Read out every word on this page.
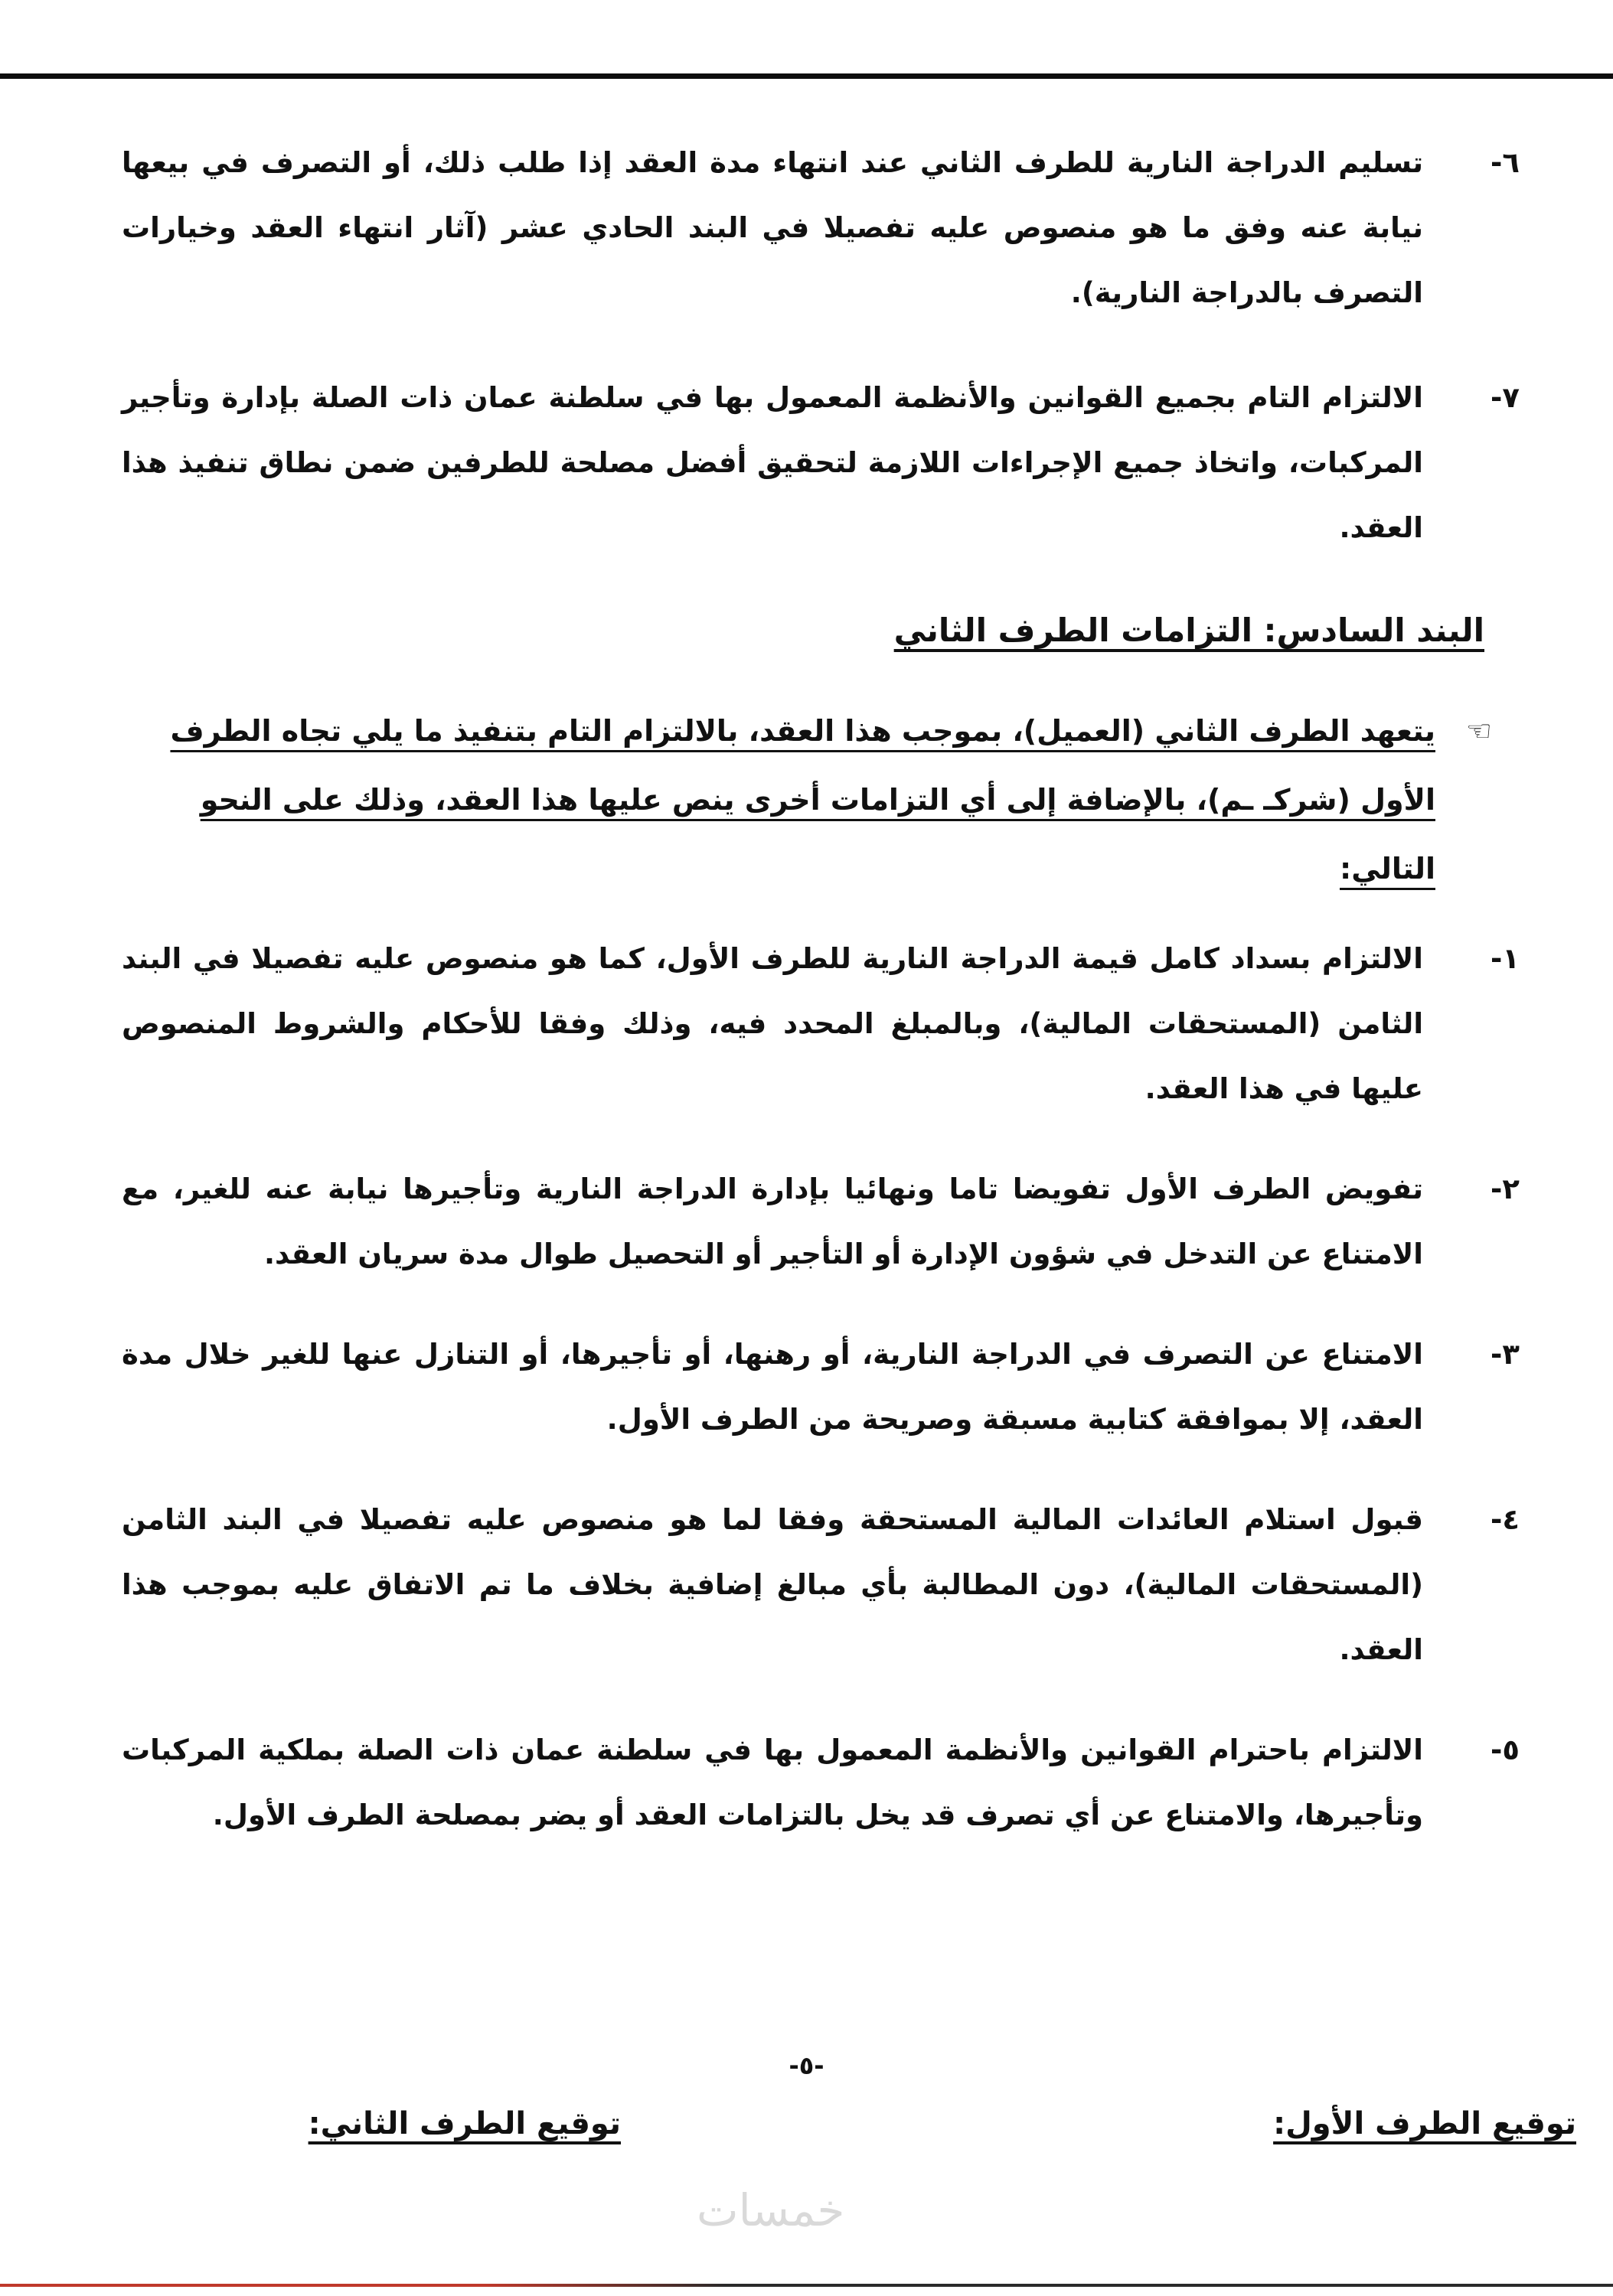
٦-
تسليم الدراجة النارية للطرف الثاني عند انتهاء مدة العقد إذا طلب ذلك، أو التصرف في بيعها نيابة عنه وفق ما هو منصوص عليه تفصيلا في البند الحادي عشر (آثار انتهاء العقد وخيارات التصرف بالدراجة النارية).
٧-
الالتزام التام بجميع القوانين والأنظمة المعمول بها في سلطنة عمان ذات الصلة بإدارة وتأجير المركبات، واتخاذ جميع الإجراءات اللازمة لتحقيق أفضل مصلحة للطرفين ضمن نطاق تنفيذ هذا العقد.
البند السادس: التزامات الطرف الثاني
☜
يتعهد الطرف الثاني (العميل)، بموجب هذا العقد، بالالتزام التام بتنفيذ ما يلي تجاه الطرف الأول (شركـ ـم)، بالإضافة إلى أي التزامات أخرى ينص عليها هذا العقد، وذلك على النحو التالي:
١-
الالتزام بسداد كامل قيمة الدراجة النارية للطرف الأول، كما هو منصوص عليه تفصيلا في البند الثامن (المستحقات المالية)، وبالمبلغ المحدد فيه، وذلك وفقا للأحكام والشروط المنصوص عليها في هذا العقد.
٢-
تفويض الطرف الأول تفويضا تاما ونهائيا بإدارة الدراجة النارية وتأجيرها نيابة عنه للغير، مع الامتناع عن التدخل في شؤون الإدارة أو التأجير أو التحصيل طوال مدة سريان العقد.
٣-
الامتناع عن التصرف في الدراجة النارية، أو رهنها، أو تأجيرها، أو التنازل عنها للغير خلال مدة العقد، إلا بموافقة كتابية مسبقة وصريحة من الطرف الأول.
٤-
قبول استلام العائدات المالية المستحقة وفقا لما هو منصوص عليه تفصيلا في البند الثامن (المستحقات المالية)، دون المطالبة بأي مبالغ إضافية بخلاف ما تم الاتفاق عليه بموجب هذا العقد.
٥-
الالتزام باحترام القوانين والأنظمة المعمول بها في سلطنة عمان ذات الصلة بملكية المركبات وتأجيرها، والامتناع عن أي تصرف قد يخل بالتزامات العقد أو يضر بمصلحة الطرف الأول.
-٥-
توقيع الطرف الأول:
توقيع الطرف الثاني:
خمسات
